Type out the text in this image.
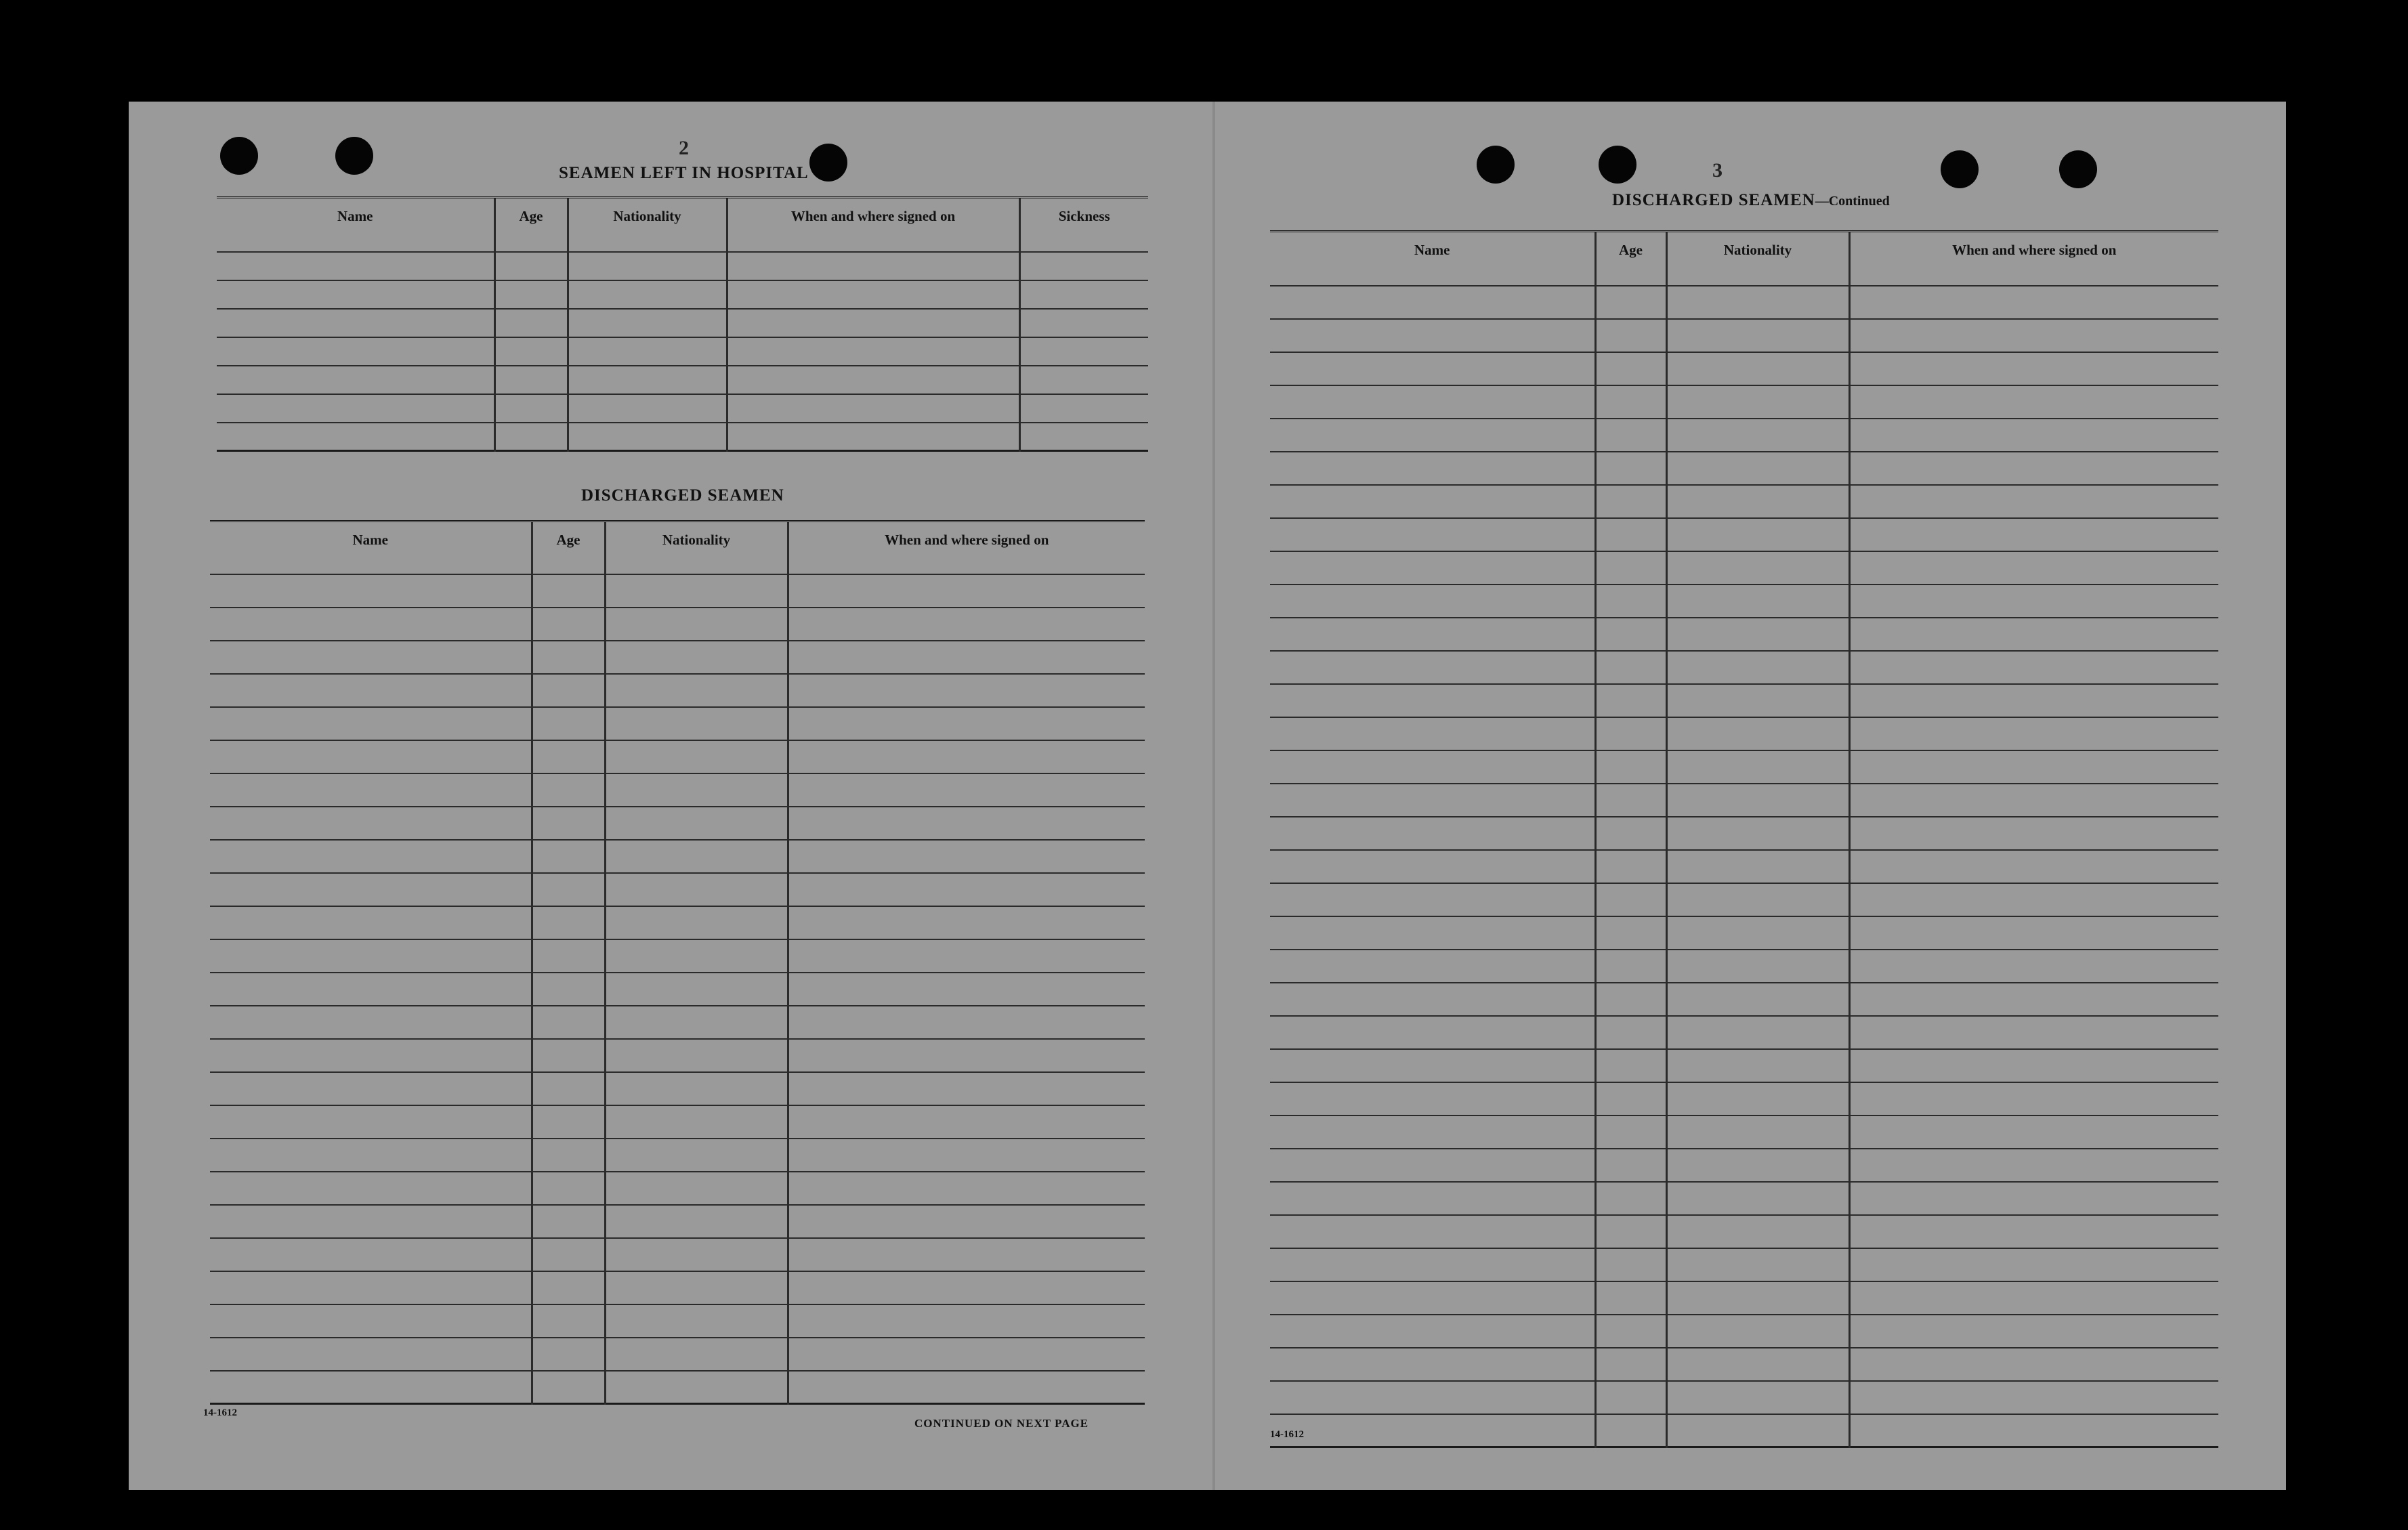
2
SEAMEN LEFT IN HOSPITAL
Name	Age	Nationality	When and where signed on	Sickness

DISCHARGED SEAMEN
Name	Age	Nationality	When and where signed on

14-1612
CONTINUED ON NEXT PAGE
3
DISCHARGED SEAMEN—Continued
Name	Age	Nationality	When and where signed on

14-1612
